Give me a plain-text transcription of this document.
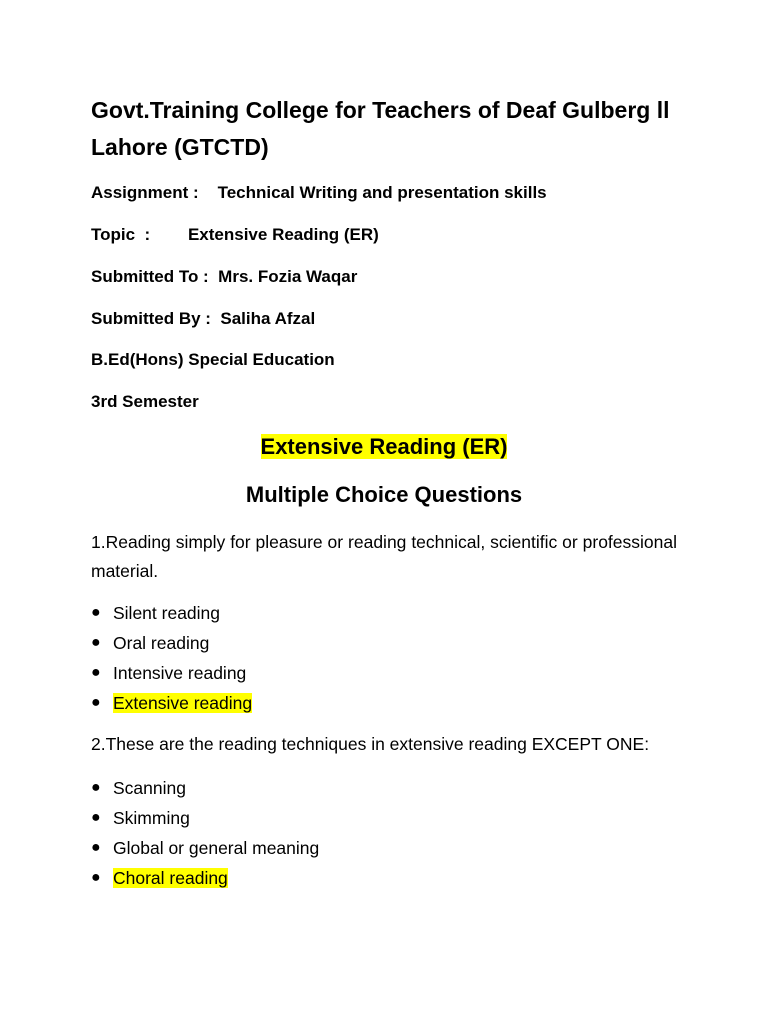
Govt.Training College for Teachers of Deaf Gulberg ll Lahore (GTCTD)

Assignment :    Technical Writing and presentation skills

Topic  :        Extensive Reading (ER)

Submitted To :  Mrs. Fozia Waqar

Submitted By :  Saliha Afzal

B.Ed(Hons) Special Education

3rd Semester

Extensive Reading (ER)
Multiple Choice Questions

1.Reading simply for pleasure or reading technical, scientific or professional material.

● Silent reading
● Oral reading
● Intensive reading
● Extensive reading

2.These are the reading techniques in extensive reading EXCEPT ONE:

● Scanning
● Skimming
● Global or general meaning
● Choral reading
